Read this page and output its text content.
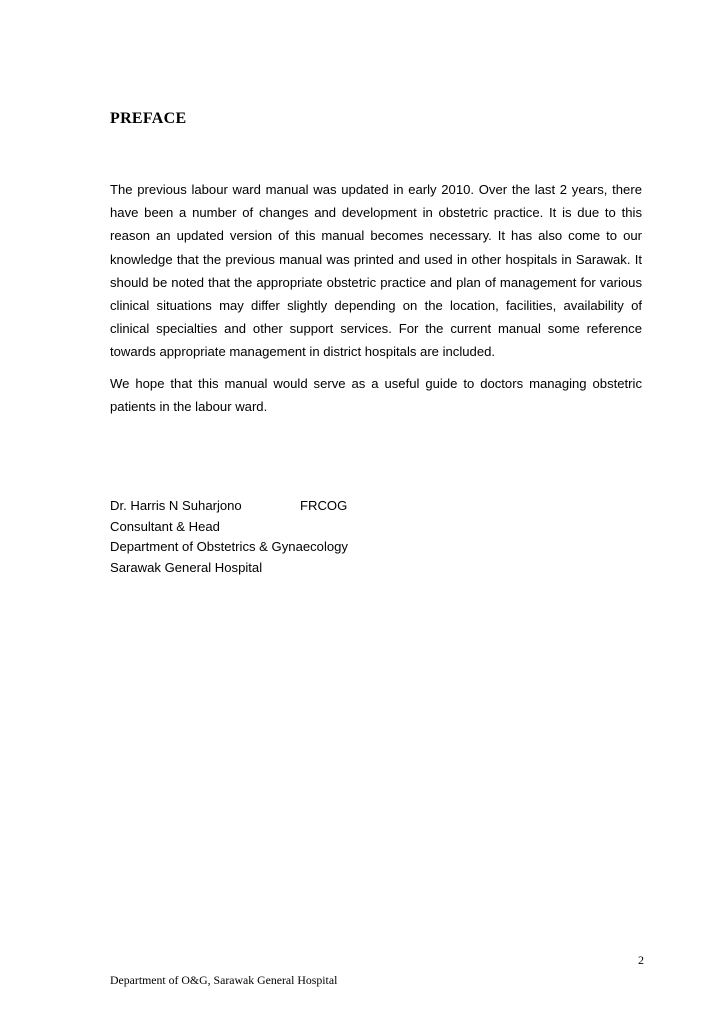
PREFACE

The previous labour ward manual was updated in early 2010. Over the last 2 years, there have been a number of changes and development in obstetric practice. It is due to this reason an updated version of this manual becomes necessary. It has also come to our knowledge that the previous manual was printed and used in other hospitals in Sarawak. It should be noted that the appropriate obstetric practice and plan of management for various clinical situations may differ slightly depending on the location, facilities, availability of clinical specialties and other support services. For the current manual some reference towards appropriate management in district hospitals are included.

We hope that this manual would serve as a useful guide to doctors managing obstetric patients in the labour ward.

Dr. Harris N Suharjono	FRCOG
Consultant & Head
Department of Obstetrics & Gynaecology
Sarawak General Hospital
2
Department of O&G, Sarawak General Hospital
